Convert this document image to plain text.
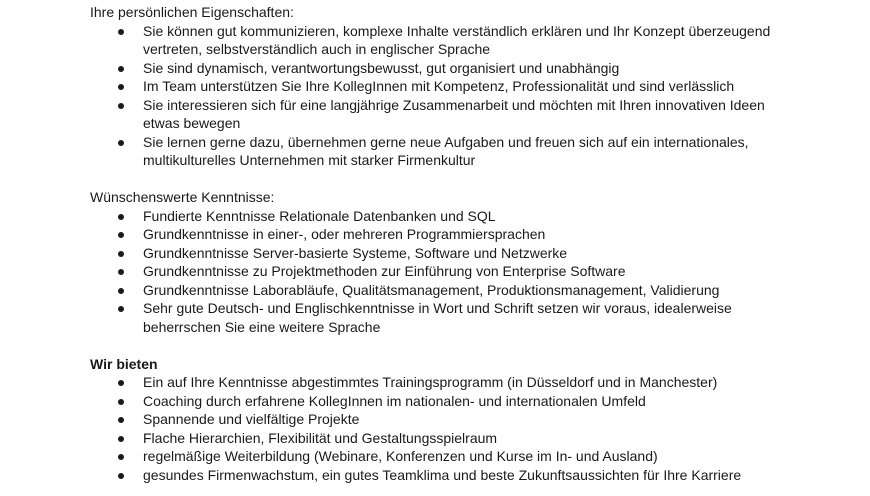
Ihre persönlichen Eigenschaften:

Sie können gut kommunizieren, komplexe Inhalte verständlich erklären und Ihr Konzept überzeugend vertreten, selbstverständlich auch in englischer Sprache
Sie sind dynamisch, verantwortungsbewusst, gut organisiert und unabhängig
Im Team unterstützen Sie Ihre KollegInnen mit Kompetenz, Professionalität und sind verlässlich
Sie interessieren sich für eine langjährige Zusammenarbeit und möchten mit Ihren innovativen Ideen etwas bewegen
Sie lernen gerne dazu, übernehmen gerne neue Aufgaben und freuen sich auf ein internationales, multikulturelles Unternehmen mit starker Firmenkultur

Wünschenswerte Kenntnisse:

Fundierte Kenntnisse Relationale Datenbanken und SQL
Grundkenntnisse in einer-, oder mehreren Programmiersprachen
Grundkenntnisse Server-basierte Systeme, Software und Netzwerke
Grundkenntnisse zu Projektmethoden zur Einführung von Enterprise Software
Grundkenntnisse Laborabläufe, Qualitätsmanagement, Produktionsmanagement, Validierung
Sehr gute Deutsch- und Englischkenntnisse in Wort und Schrift setzen wir voraus, idealerweise beherrschen Sie eine weitere Sprache

Wir bieten

Ein auf Ihre Kenntnisse abgestimmtes Trainingsprogramm (in Düsseldorf und in Manchester)
Coaching durch erfahrene KollegInnen im nationalen- und internationalen Umfeld
Spannende und vielfältige Projekte
Flache Hierarchien, Flexibilität und Gestaltungsspielraum
regelmäßige Weiterbildung (Webinare, Konferenzen und Kurse im In- und Ausland)
gesundes Firmenwachstum, ein gutes Teamklima und beste Zukunftsaussichten für Ihre Karriere
